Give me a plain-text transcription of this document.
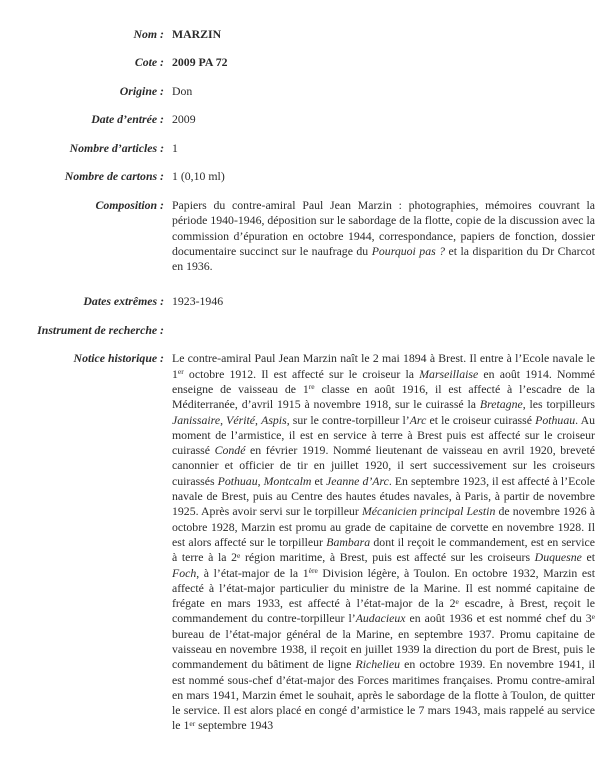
Nom : MARZIN
Cote : 2009 PA 72
Origine : Don
Date d’entrée : 2009
Nombre d’articles : 1
Nombre de cartons : 1 (0,10 ml)
Composition : Papiers du contre-amiral Paul Jean Marzin : photographies, mémoires couvrant la période 1940-1946, déposition sur le sabordage de la flotte, copie de la discussion avec la commission d’épuration en octobre 1944, correspondance, papiers de fonction, dossier documentaire succinct sur le naufrage du Pourquoi pas ? et la disparition du Dr Charcot en 1936.
Dates extrêmes : 1923-1946
Instrument de recherche :
Notice historique : Le contre-amiral Paul Jean Marzin naît le 2 mai 1894 à Brest. Il entre à l’Ecole navale le 1er octobre 1912. Il est affecté sur le croiseur la Marseillaise en août 1914. Nommé enseigne de vaisseau de 1re classe en août 1916, il est affecté à l’escadre de la Méditerranée, d’avril 1915 à novembre 1918, sur le cuirassé la Bretagne, les torpilleurs Janissaire, Vérité, Aspis, sur le contre-torpilleur l’Arc et le croiseur cuirassé Pothuau. Au moment de l’armistice, il est en service à terre à Brest puis est affecté sur le croiseur cuirassé Condé en février 1919. Nommé lieutenant de vaisseau en avril 1920, breveté canonnier et officier de tir en juillet 1920, il sert successivement sur les croiseurs cuirassés Pothuau, Montcalm et Jeanne d’Arc. En septembre 1923, il est affecté à l’Ecole navale de Brest, puis au Centre des hautes études navales, à Paris, à partir de novembre 1925. Après avoir servi sur le torpilleur Mécanicien principal Lestin de novembre 1926 à octobre 1928, Marzin est promu au grade de capitaine de corvette en novembre 1928. Il est alors affecté sur le torpilleur Bambara dont il reçoit le commandement, est en service à terre à la 2e région maritime, à Brest, puis est affecté sur les croiseurs Duquesne et Foch, à l’état-major de la 1ère Division légère, à Toulon. En octobre 1932, Marzin est affecté à l’état-major particulier du ministre de la Marine. Il est nommé capitaine de frégate en mars 1933, est affecté à l’état-major de la 2e escadre, à Brest, reçoit le commandement du contre-torpilleur l’Audacieux en août 1936 et est nommé chef du 3e bureau de l’état-major général de la Marine, en septembre 1937. Promu capitaine de vaisseau en novembre 1938, il reçoit en juillet 1939 la direction du port de Brest, puis le commandement du bâtiment de ligne Richelieu en octobre 1939. En novembre 1941, il est nommé sous-chef d’état-major des Forces maritimes françaises. Promu contre-amiral en mars 1941, Marzin émet le souhait, après le sabordage de la flotte à Toulon, de quitter le service. Il est alors placé en congé d’armistice le 7 mars 1943, mais rappelé au service le 1er septembre 1943
